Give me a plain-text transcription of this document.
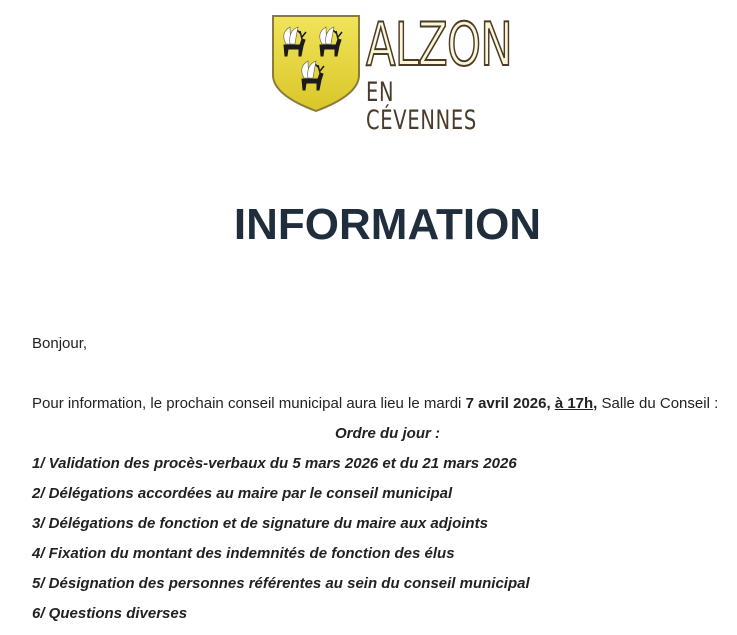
ALZON
EN CÉVENNES
INFORMATION
Bonjour,
Pour information, le prochain conseil municipal aura lieu le mardi 7 avril 2026, à 17h, Salle du Conseil :
Ordre du jour :
1/ Validation des procès-verbaux du 5 mars 2026 et du 21 mars 2026
2/ Délégations accordées au maire par le conseil municipal
3/ Délégations de fonction et de signature du maire aux adjoints
4/ Fixation du montant des indemnités de fonction des élus
5/ Désignation des personnes référentes au sein du conseil municipal
6/ Questions diverses
